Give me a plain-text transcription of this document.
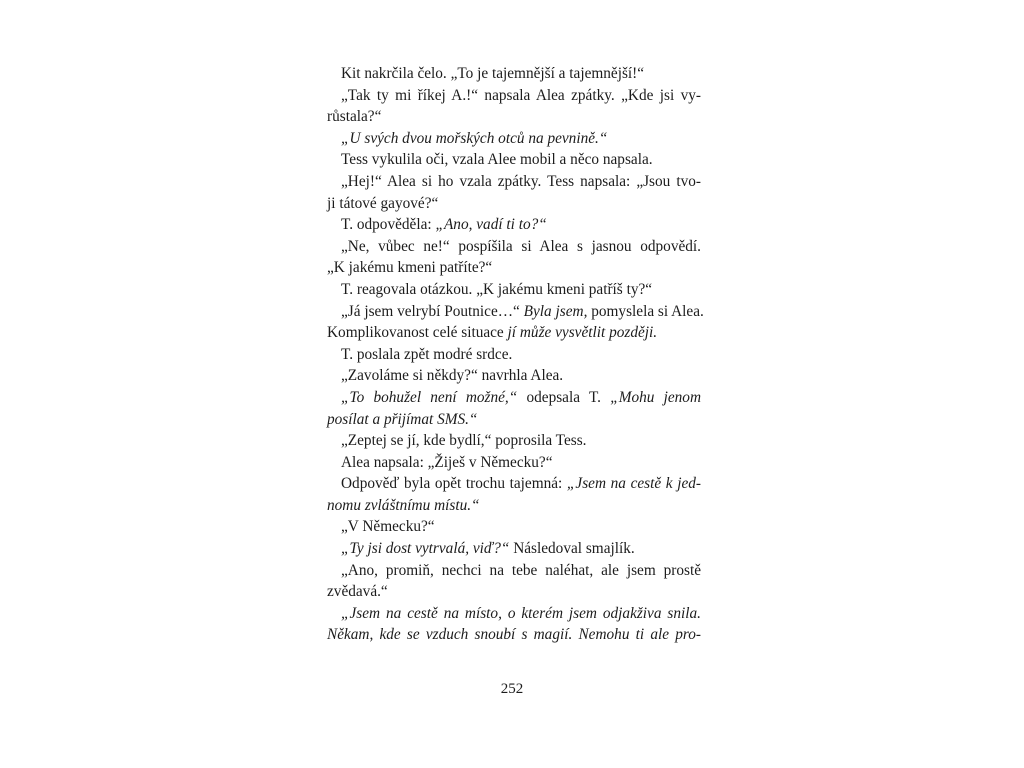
Kit nakrčila čelo. „To je tajemnější a tajemnější!“
„Tak ty mi říkej A.!“ napsala Alea zpátky. „Kde jsi vy-
růstala?“
„U svých dvou mořských otců na pevnině.“
Tess vykulila oči, vzala Alee mobil a něco napsala.
„Hej!“ Alea si ho vzala zpátky. Tess napsala: „Jsou tvo-
ji tátové gayové?“
T. odpověděla: „Ano, vadí ti to?“
„Ne, vůbec ne!“ pospíšila si Alea s jasnou odpovědí.
„K jakému kmeni patříte?“
T. reagovala otázkou. „K jakému kmeni patříš ty?“
„Já jsem velrybí Poutnice…“ Byla jsem, pomyslela si Alea.
Komplikovanost celé situace jí může vysvětlit později.
T. poslala zpět modré srdce.
„Zavoláme si někdy?“ navrhla Alea.
„To bohužel není možné,“ odepsala T. „Mohu jenom
posílat a přijímat SMS.“
„Zeptej se jí, kde bydlí,“ poprosila Tess.
Alea napsala: „Žiješ v Německu?“
Odpověď byla opět trochu tajemná: „Jsem na cestě k jed-
nomu zvláštnímu místu.“
„V Německu?“
„Ty jsi dost vytrvalá, viď?“ Následoval smajlík.
„Ano, promiň, nechci na tebe naléhat, ale jsem prostě
zvědavá.“
„Jsem na cestě na místo, o kterém jsem odjakživa snila.
Někam, kde se vzduch snoubí s magií. Nemohu ti ale pro-
252
